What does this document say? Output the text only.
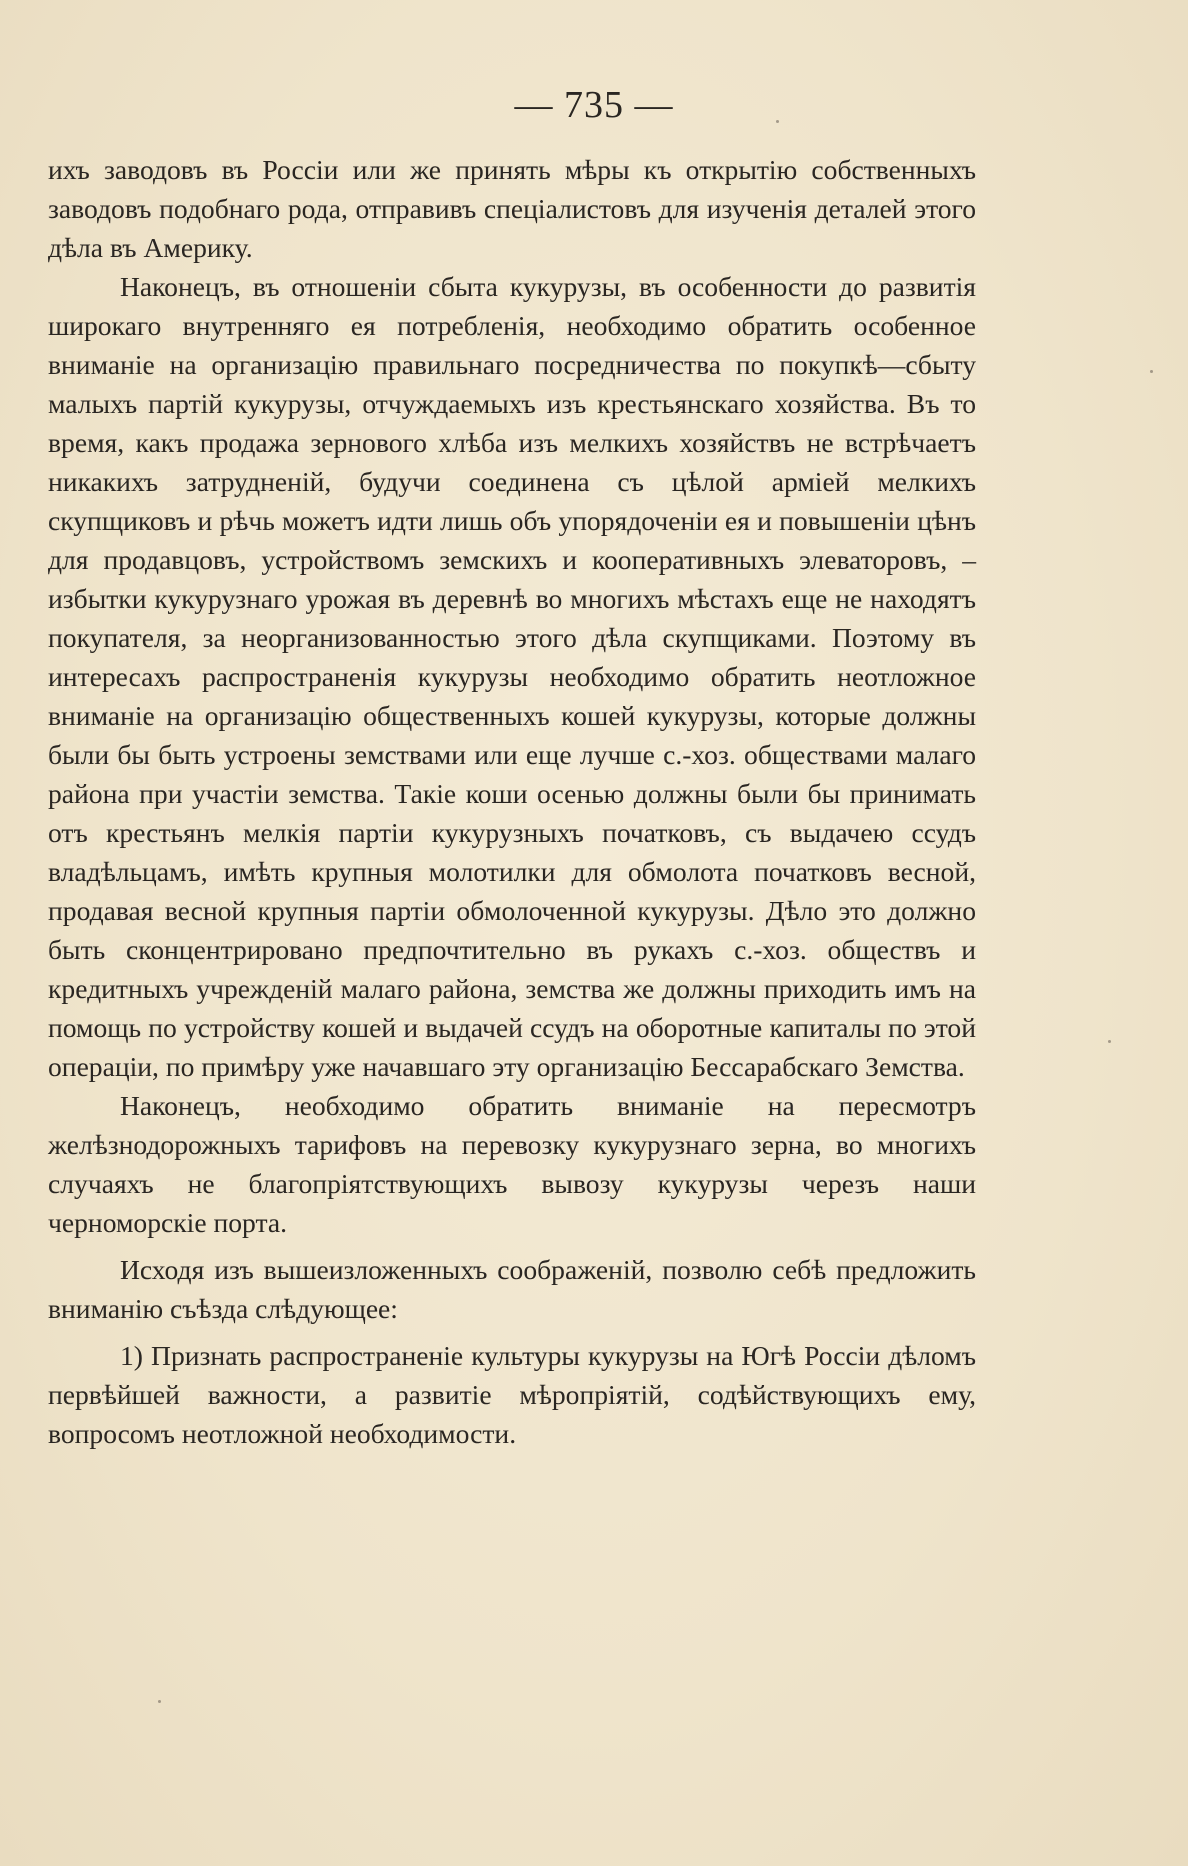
— 735 —

ихъ заводовъ въ Россіи или же принять мѣры къ открытію собственныхъ заводовъ подобнаго рода, отправивъ спеціалистовъ для изученія деталей этого дѣла въ Америку.

Наконецъ, въ отношеніи сбыта кукурузы, въ особенности до развитія широкаго внутренняго ея потребленія, необходимо обратить особенное вниманіе на организацію правильнаго посредничества по покупкѣ—сбыту малыхъ партій кукурузы, отчуждаемыхъ изъ крестьянскаго хозяйства. Въ то время, какъ продажа зернового хлѣба изъ мелкихъ хозяйствъ не встрѣчаетъ никакихъ затрудненій, будучи соединена съ цѣлой арміей мелкихъ скупщиковъ и рѣчь можетъ идти лишь объ упорядоченіи ея и повышеніи цѣнъ для продавцовъ, устройствомъ земскихъ и кооперативныхъ элеваторовъ, –избытки кукурузнаго урожая въ деревнѣ во многихъ мѣстахъ еще не находятъ покупателя, за неорганизованностью этого дѣла скупщиками. Поэтому въ интересахъ распространенія кукурузы необходимо обратить неотложное вниманіе на организацію общественныхъ кошей кукурузы, которые должны были бы быть устроены земствами или еще лучше с.-хоз. обществами малаго района при участіи земства. Такіе коши осенью должны были бы принимать отъ крестьянъ мелкія партіи кукурузныхъ початковъ, съ выдачею ссудъ владѣльцамъ, имѣть крупныя молотилки для обмолота початковъ весной, продавая весной крупныя партіи обмолоченной кукурузы. Дѣло это должно быть сконцентрировано предпочтительно въ рукахъ с.-хоз. обществъ и кредитныхъ учрежденій малаго района, земства же должны приходить имъ на помощь по устройству кошей и выдачей ссудъ на оборотные капиталы по этой операціи, по примѣру уже начавшаго эту организацію Бессарабскаго Земства.

Наконецъ, необходимо обратить вниманіе на пересмотръ желѣзнодорожныхъ тарифовъ на перевозку кукурузнаго зерна, во многихъ случаяхъ не благопріятствующихъ вывозу кукурузы черезъ наши черноморскіе порта.

Исходя изъ вышеизложенныхъ соображеній, позволю себѣ предложить вниманію съѣзда слѣдующее:

1) Признать распространеніе культуры кукурузы на Югѣ Россіи дѣломъ первѣйшей важности, а развитіе мѣропріятій, содѣйствующихъ ему, вопросомъ неотложной необходимости.
